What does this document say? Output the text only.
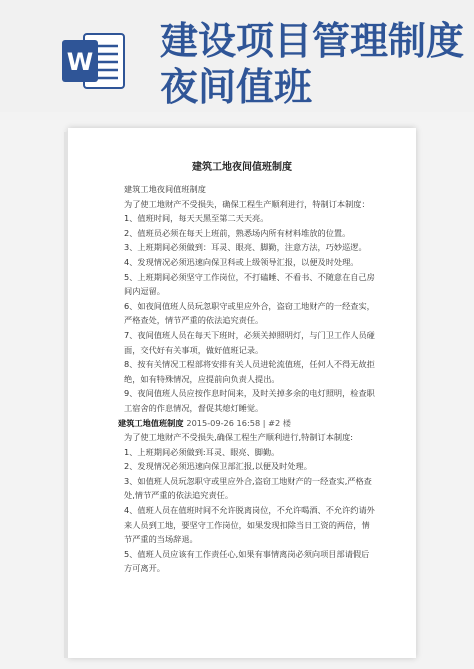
W 建设项目管理制度
夜间值班
建筑工地夜间值班制度

建筑工地夜间值班制度

为了使工地财产不受损失，确保工程生产顺利进行，特制订本制度：

1、值班时间，每天天黑至第二天天亮。

2、值班员必须在每天上班前，熟悉场内所有材料堆放的位置。

3、上班期间必须做到：耳灵、眼亮、脚勤，注意方法，巧妙巡逻。

4、发现情况必须迅速向保卫科或上级领导汇报，以便及时处理。

5、上班期间必须坚守工作岗位，不打磕睡、不看书、不随意在自己房间内逗留。

6、如夜间值班人员玩忽职守或里应外合，盗窃工地财产的一经查实，严格查处，情节严重的依法追究责任。

7、夜间值班人员在每天下班时，必须关掉照明灯，与门卫工作人员碰面，交代好有关事项，做好值班记录。

8、按有关情况工程部将安排有关人员进轮流值班，任何人不得无故拒绝，如有特殊情况，应提前向负责人提出。

9、夜间值班人员应按作息时间来，及时关掉多余的电灯照明，检查职工宿舍的作息情况，督促其熄灯睡觉。

建筑工地值班制度 2015-09-26 16:58 | #2 楼

为了使工地财产不受损失,确保工程生产顺利进行,特制订本制度:

1、上班期间必须做到:耳灵、眼亮、脚勤。

2、发现情况必须迅速向保卫部汇报,以便及时处理。

3、如值班人员玩忽职守或里应外合,盗窃工地财产的一经查实,严格查处,情节严重的依法追究责任。

4、值班人员在值班时间不允许脱离岗位，不允许喝酒、不允许约请外来人员到工地，要坚守工作岗位，如果发现扣除当日工资的两倍，情节严重的当场辞退。

5、值班人员应该有工作责任心,如果有事情离岗必须向项目部请假后方可离开。
